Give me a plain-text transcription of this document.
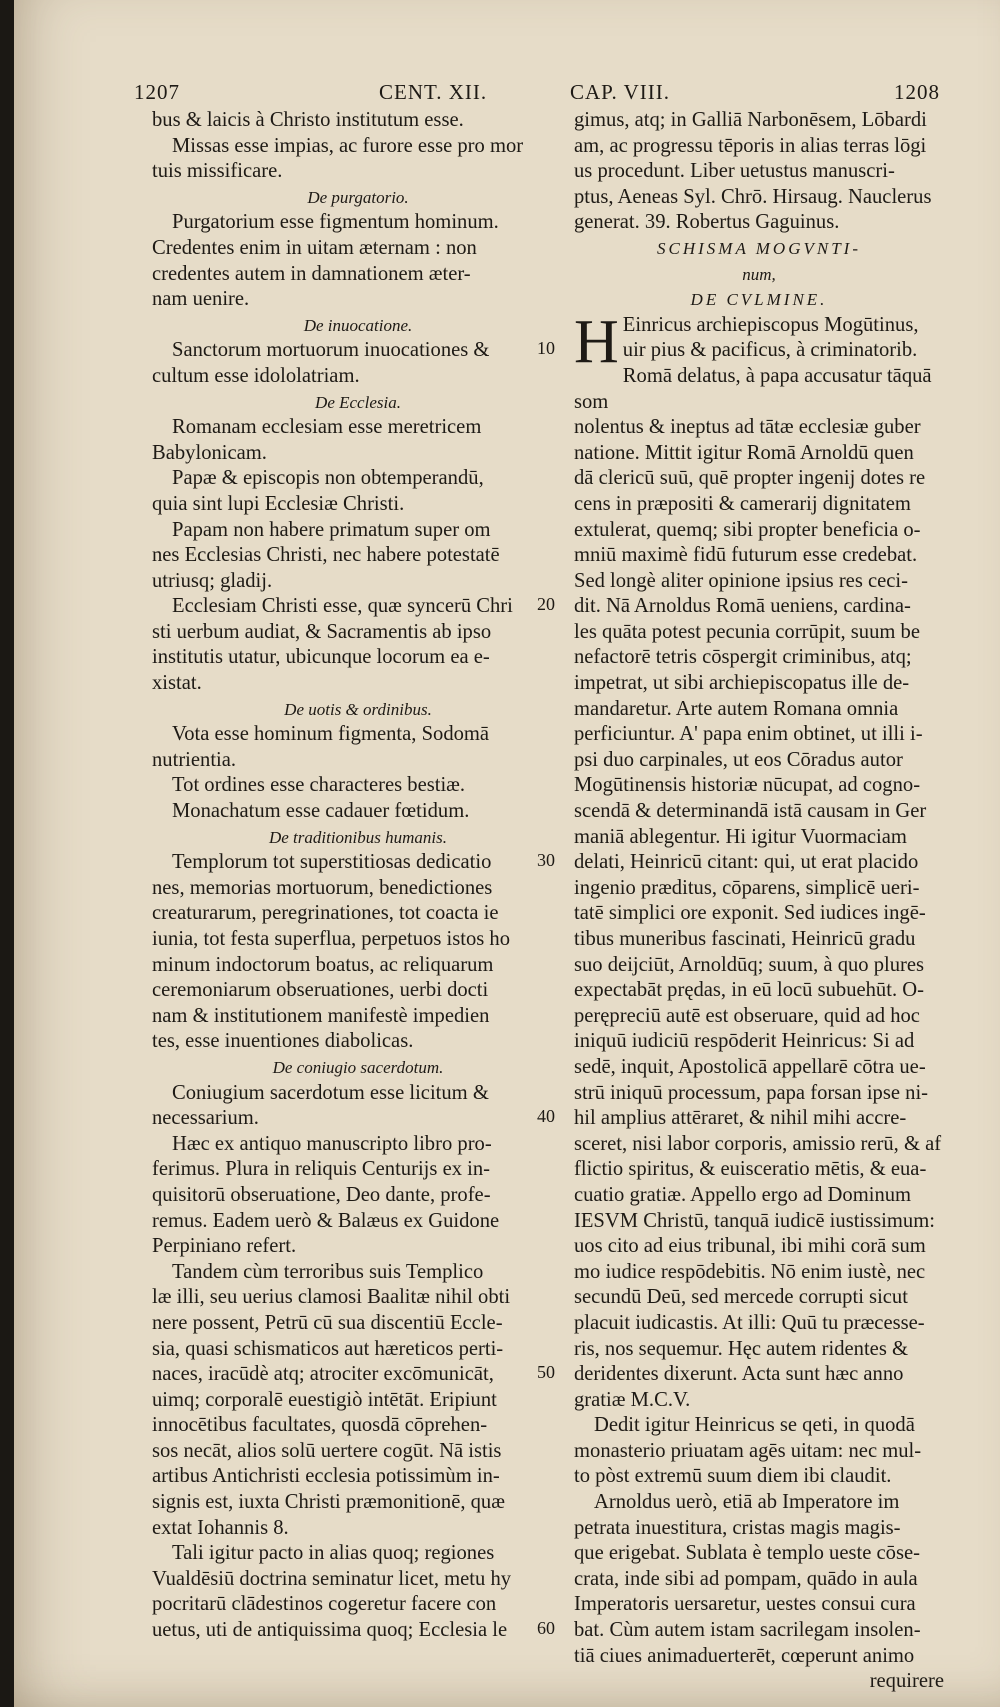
1207	CENT. XII.	CAP. VIII.	1208

bus & laicis à Christo institutum esse.

Missas esse impias, ac furore esse pro mor

tuis missificare.

De purgatorio.

Purgatorium esse figmentum hominum.

Credentes enim in uitam æternam : non

credentes autem in damnationem æter-

nam uenire.

De inuocatione.

Sanctorum mortuorum inuocationes &

cultum esse idololatriam.

De Ecclesia.

Romanam ecclesiam esse meretricem

Babylonicam.

Papæ & episcopis non obtemperandū,

quia sint lupi Ecclesiæ Christi.

Papam non habere primatum super om

nes Ecclesias Christi, nec habere potestatē

utriusq; gladij.

Ecclesiam Christi esse, quæ syncerū Chri

sti uerbum audiat, & Sacramentis ab ipso

institutis utatur, ubicunque locorum ea e-

xistat.

De uotis & ordinibus.

Vota esse hominum figmenta, Sodomā

nutrientia.

Tot ordines esse characteres bestiæ.

Monachatum esse cadauer fœtidum.

De traditionibus humanis.

Templorum tot superstitiosas dedicatio

nes, memorias mortuorum, benedictiones

creaturarum, peregrinationes, tot coacta ie

iunia, tot festa superflua, perpetuos istos ho

minum indoctorum boatus, ac reliquarum

ceremoniarum obseruationes, uerbi docti

nam & institutionem manifestè impedien

tes, esse inuentiones diabolicas.

De coniugio sacerdotum.

Coniugium sacerdotum esse licitum &

necessarium.

Hæc ex antiquo manuscripto libro pro-

ferimus. Plura in reliquis Centurijs ex in-

quisitorū obseruatione, Deo dante, profe-

remus. Eadem uerò & Balæus ex Guidone

Perpiniano refert.

Tandem cùm terroribus suis Templico

læ illi, seu uerius clamosi Baalitæ nihil obti

nere possent, Petrū cū sua discentiū Eccle-

sia, quasi schismaticos aut hæreticos perti-

naces, iracūdè atq; atrociter excōmunicāt,

uimq; corporalē euestigiò intētāt. Eripiunt

innocētibus facultates, quosdā cōprehen-

sos necāt, alios solū uertere cogūt. Nā istis

artibus Antichristi ecclesia potissimùm in-

signis est, iuxta Christi præmonitionē, quæ

extat Iohannis 8.

Tali igitur pacto in alias quoq; regiones

Vualdēsiū doctrina seminatur licet, metu hy

pocritarū clādestinos cogeretur facere con

uetus, uti de antiquissima quoq; Ecclesia le

10
20
30
40
50
60

gimus, atq; in Galliā Narbonēsem, Lōbardi

am, ac progressu tēporis in alias terras lōgi

us procedunt. Liber uetustus manuscri-

ptus, Aeneas Syl. Chrō. Hirsaug. Nauclerus

generat. 39. Robertus Gaguinus.

SCHISMA MOGVNTI-

num,

DE CVLMINE.

H Einricus archiepiscopus Mogūtinus,

uir pius & pacificus, à criminatorib.

Romā delatus, à papa accusatur tāquā som

nolentus & ineptus ad tātæ ecclesiæ guber

natione. Mittit igitur Romā Arnoldū quen

dā clericū suū, quē propter ingenij dotes re

cens in præpositi & camerarij dignitatem

extulerat, quemq; sibi propter beneficia o-

mniū maximè fidū futurum esse credebat.

Sed longè aliter opinione ipsius res ceci-

dit. Nā Arnoldus Romā ueniens, cardina-

les quāta potest pecunia corrūpit, suum be

nefactorē tetris cōspergit criminibus, atq;

impetrat, ut sibi archiepiscopatus ille de-

mandaretur. Arte autem Romana omnia

perficiuntur. A' papa enim obtinet, ut illi i-

psi duo carpinales, ut eos Cōradus autor

Mogūtinensis historiæ nūcupat, ad cogno-

scendā & determinandā istā causam in Ger

maniā ablegentur. Hi igitur Vuormaciam

delati, Heinricū citant: qui, ut erat placido

ingenio præditus, cōparens, simplicē ueri-

tatē simplici ore exponit. Sed iudices ingē-

tibus muneribus fascinati, Heinricū gradu

suo deijciūt, Arnoldūq; suum, à quo plures

expectabāt prędas, in eū locū subuehūt. O-

perępreciū autē est obseruare, quid ad hoc

iniquū iudiciū respōderit Heinricus: Si ad

sedē, inquit, Apostolicā appellarē cōtra ue-

strū iniquū processum, papa forsan ipse ni-

hil amplius attēraret, & nihil mihi accre-

sceret, nisi labor corporis, amissio rerū, & af

flictio spiritus, & euisceratio mētis, & eua-

cuatio gratiæ. Appello ergo ad Dominum

IESVM Christū, tanquā iudicē iustissimum:

uos cito ad eius tribunal, ibi mihi corā sum

mo iudice respōdebitis. Nō enim iustè, nec

secundū Deū, sed mercede corrupti sicut

placuit iudicastis. At illi: Quū tu præcesse-

ris, nos sequemur. Hęc autem ridentes &

deridentes dixerunt. Acta sunt hæc anno

gratiæ M.C.V.

Dedit igitur Heinricus se qeti, in quodā

monasterio priuatam agēs uitam: nec mul-

to pòst extremū suum diem ibi claudit.

Arnoldus uerò, etiā ab Imperatore im

petrata inuestitura, cristas magis magis-

que erigebat. Sublata è templo ueste cōse-

crata, inde sibi ad pompam, quādo in aula

Imperatoris uersaretur, uestes consui cura

bat. Cùm autem istam sacrilegam insolen-

tiā ciues animaduerterēt, cœperunt animo

requirere
